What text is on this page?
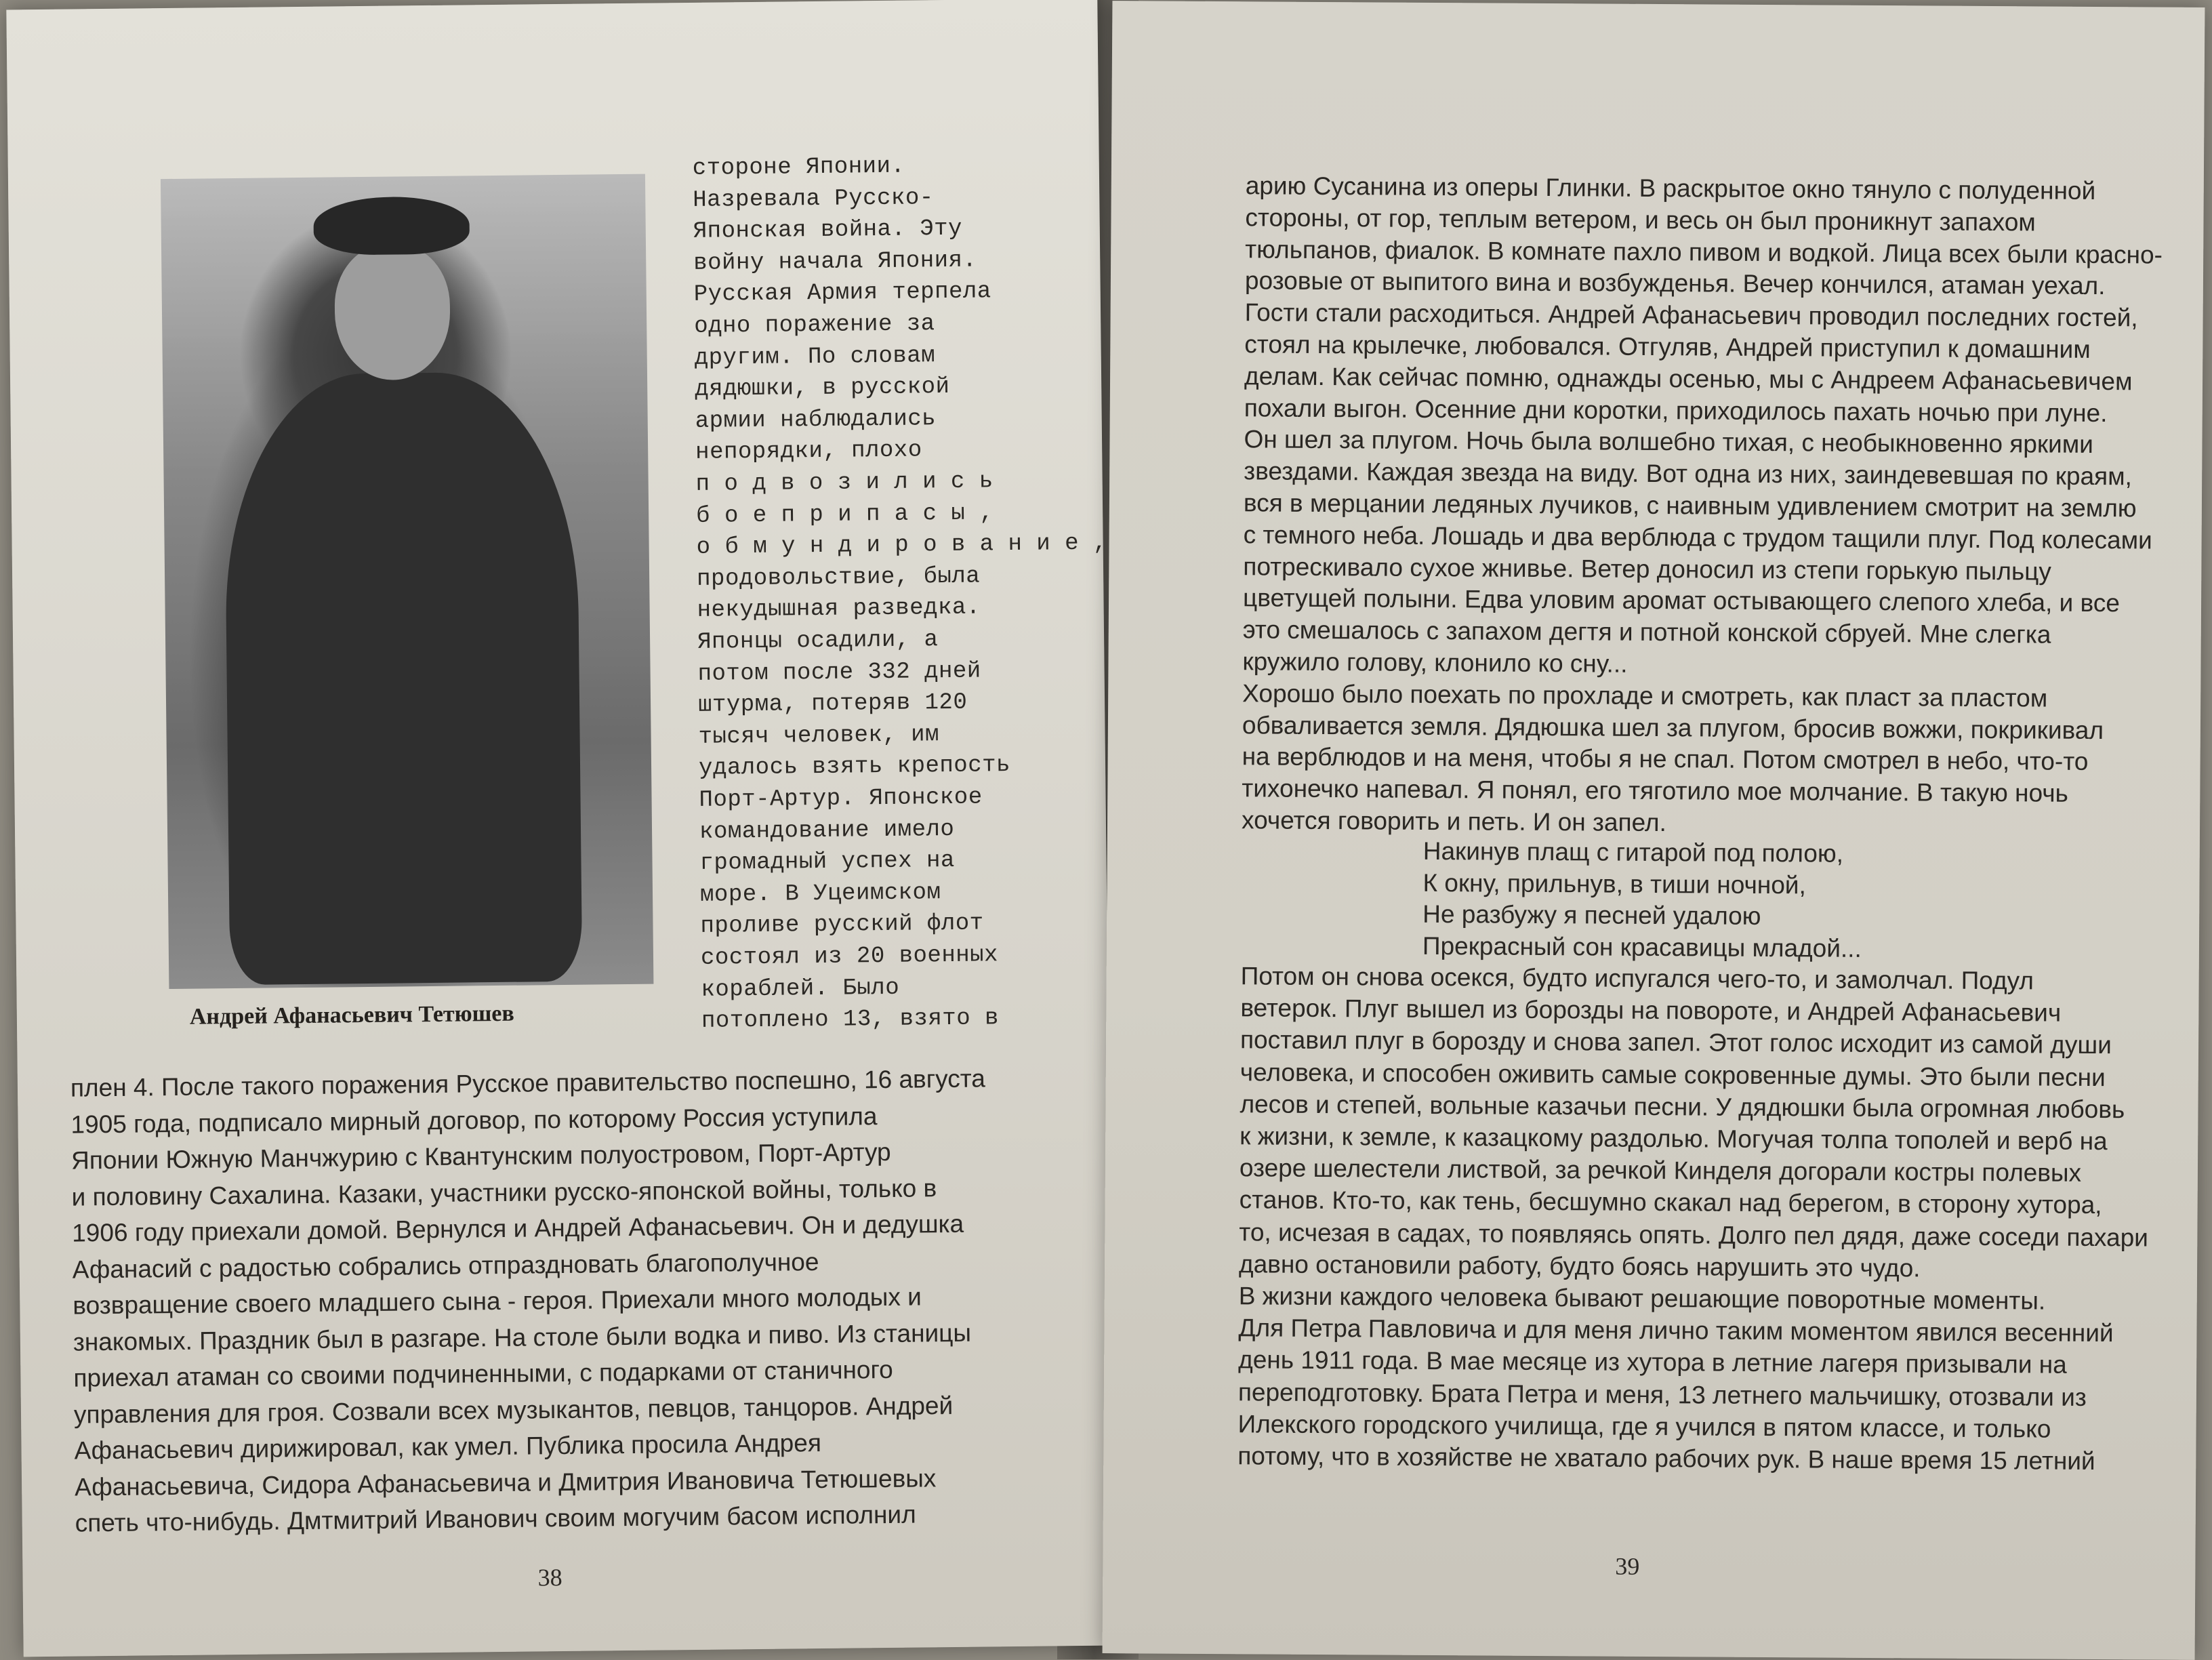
Андрей Афанасьевич Тетюшев
стороне Японии.
Назревала Русско-
Японская война. Эту
войну начала Япония.
Русская Армия терпела
одно поражение за
другим. По словам
дядюшки, в русской
армии наблюдались
непорядки, плохо
п о д в о з и л и с ь
б о е п р и п а с ы ,
о б м у н д и р о в а н и е ,
продовольствие, была
некудышная разведка.
Японцы осадили, а
потом после 332 дней
штурма, потеряв 120
тысяч человек, им
удалось взять крепость
Порт-Артур. Японское
командование имело
громадный успех на
море. В Уцеимском
проливе русский флот
состоял из 20 военных
кораблей. Было
потоплено 13, взято в
плен 4. После такого поражения Русское правительство поспешно, 16 августа
1905 года, подписало мирный договор, по которому Россия уступила
Японии Южную Манчжурию с Квантунским полуостровом, Порт-Артур
и половину Сахалина. Казаки, участники русско-японской войны, только в
1906 году приехали домой. Вернулся и Андрей Афанасьевич. Он и дедушка
Афанасий с радостью собрались отпраздновать благополучное
возвращение своего младшего сына - героя. Приехали много молодых и
знакомых. Праздник был в разгаре. На столе были водка и пиво. Из станицы
приехал атаман со своими подчиненными, с подарками от станичного
управления для гроя. Созвали всех музыкантов, певцов, танцоров. Андрей
Афанасьевич дирижировал, как умел. Публика просила Андрея
Афанасьевича, Сидора Афанасьевича и Дмитрия Ивановича Тетюшевых
спеть что-нибудь. Дмтмитрий Иванович своим могучим басом исполнил
38
арию Сусанина из оперы Глинки. В раскрытое окно тянуло с полуденной
стороны, от гор, теплым ветером, и весь он был проникнут запахом
тюльпанов, фиалок. В комнате пахло пивом и водкой. Лица всех были красно-
розовые от выпитого вина и возбужденья. Вечер кончился, атаман уехал.
Гости стали расходиться. Андрей Афанасьевич проводил последних гостей,
стоял на крылечке, любовался. Отгуляв, Андрей приступил к домашним
делам. Как сейчас помню, однажды осенью, мы с Андреем Афанасьевичем
похали выгон. Осенние дни коротки, приходилось пахать ночью при луне.
Он шел за плугом. Ночь была волшебно тихая, с необыкновенно яркими
звездами. Каждая звезда на виду. Вот одна из них, заиндевевшая по краям,
вся в мерцании ледяных лучиков, с наивным удивлением смотрит на землю
с темного неба. Лошадь и два верблюда с трудом тащили плуг. Под колесами
потрескивало сухое жнивье. Ветер доносил из степи горькую пыльцу
цветущей полыни. Едва уловим аромат остывающего слепого хлеба, и все
это смешалось с запахом дегтя и потной конской сбруей. Мне слегка
кружило голову, клонило ко сну...
Хорошо было поехать по прохладе и смотреть, как пласт за пластом
обваливается земля. Дядюшка шел за плугом, бросив вожжи, покрикивал
на верблюдов и на меня, чтобы я не спал. Потом смотрел в небо, что-то
тихонечко напевал. Я понял, его тяготило мое молчание. В такую ночь
хочется говорить и петь. И он запел.
Накинув плащ с гитарой под полою,
К окну, прильнув, в тиши ночной,
Не разбужу я песней удалою
Прекрасный сон красавицы младой...
Потом он снова осекся, будто испугался чего-то, и замолчал. Подул
ветерок. Плуг вышел из борозды на повороте, и Андрей Афанасьевич
поставил плуг в борозду и снова запел. Этот голос исходит из самой души
человека, и способен оживить самые сокровенные думы. Это были песни
лесов и степей, вольные казачьи песни. У дядюшки была огромная любовь
к жизни, к земле, к казацкому раздолью. Могучая толпа тополей и верб на
озере шелестели листвой, за речкой Кинделя догорали костры полевых
станов. Кто-то, как тень, бесшумно скакал над берегом, в сторону хутора,
то, исчезая в садах, то появляясь опять. Долго пел дядя, даже соседи пахари
давно остановили работу, будто боясь нарушить это чудо.
В жизни каждого человека бывают решающие поворотные моменты.
Для Петра Павловича и для меня лично таким моментом явился весенний
день 1911 года. В мае месяце из хутора в летние лагеря призывали на
переподготовку. Брата Петра и меня, 13 летнего мальчишку, отозвали из
Илекского городского училища, где я учился в пятом классе, и только
потому, что в хозяйстве не хватало рабочих рук. В наше время 15 летний
39
